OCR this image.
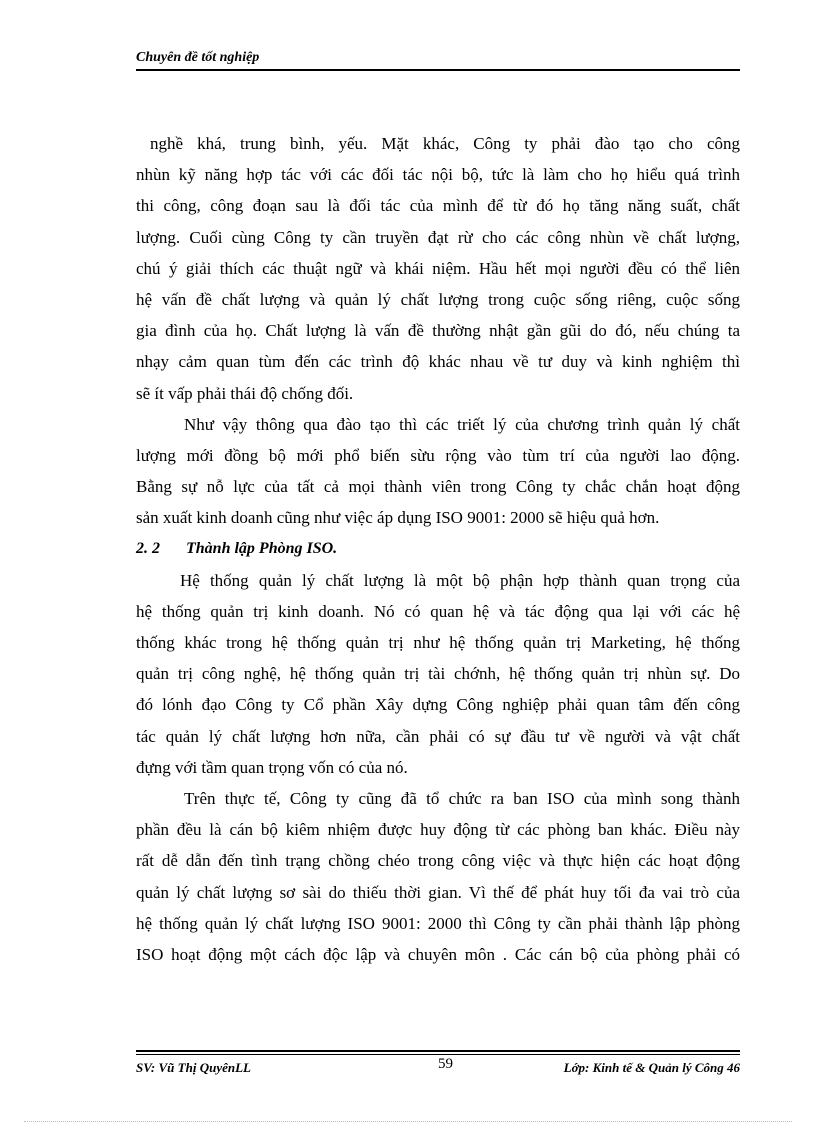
Chuyên đề tốt nghiệp
nghề khá, trung bình, yếu. Mặt khác, Công ty phải đào tạo cho công
nhùn kỹ năng hợp tác với các đối tác nội bộ, tức là làm cho họ hiểu quá trình
thi công, công đoạn sau là đối tác của mình để từ đó họ tăng năng suất, chất
lượng. Cuối cùng Công ty cần truyền đạt rừ cho các công nhùn về chất lượng,
chú ý giải thích các thuật ngữ và khái niệm. Hầu hết mọi người đều có thể liên
hệ vấn đề chất lượng và quản lý chất lượng trong cuộc sống riêng, cuộc sống
gia đình của họ. Chất lượng là vấn đề thường nhật gần gũi do đó, nếu chúng ta
nhạy cảm quan tùm đến các trình độ khác nhau về tư duy và kinh nghiệm thì
sẽ ít vấp phải thái độ chống đối.
Như vậy thông qua đào tạo thì các triết lý của chương trình quản lý chất
lượng mới đồng bộ mới phổ biến sừu rộng vào tùm trí của người lao động.
Bằng sự nỗ lực của tất cả mọi thành viên trong Công ty chắc chắn hoạt động
sản xuất kinh doanh cũng như việc áp dụng ISO 9001: 2000 sẽ hiệu quả hơn.
2. 2 Thành lập Phòng ISO.
Hệ thống quản lý chất lượng là một bộ phận hợp thành quan trọng của
hệ thống quản trị kinh doanh. Nó có quan hệ và tác động qua lại với các hệ
thống khác trong hệ thống quản trị như hệ thống quản trị Marketing, hệ thống
quản trị công nghệ, hệ thống quản trị tài chớnh, hệ thống quản trị nhùn sự. Do
đó lónh đạo Công ty Cổ phần Xây dựng Công nghiệp phải quan tâm đến công
tác quản lý chất lượng hơn nữa, cần phải có sự đầu tư về người và vật chất
đựng với tầm quan trọng vốn có của nó.
Trên thực tế, Công ty cũng đã tổ chức ra ban ISO của mình song thành
phần đều là cán bộ kiêm nhiệm được huy động từ các phòng ban khác. Điều này
rất dễ dẫn đến tình trạng chồng chéo trong công việc và thực hiện các hoạt động
quản lý chất lượng sơ sài do thiếu thời gian. Vì thế để phát huy tối đa vai trò của
hệ thống quản lý chất lượng ISO 9001: 2000 thì Công ty cần phải thành lập phòng
ISO hoạt động một cách độc lập và chuyên môn . Các cán bộ của phòng phải có
SV: Vũ Thị QuyênLL	59	Lớp: Kinh tế & Quản lý Công 46
